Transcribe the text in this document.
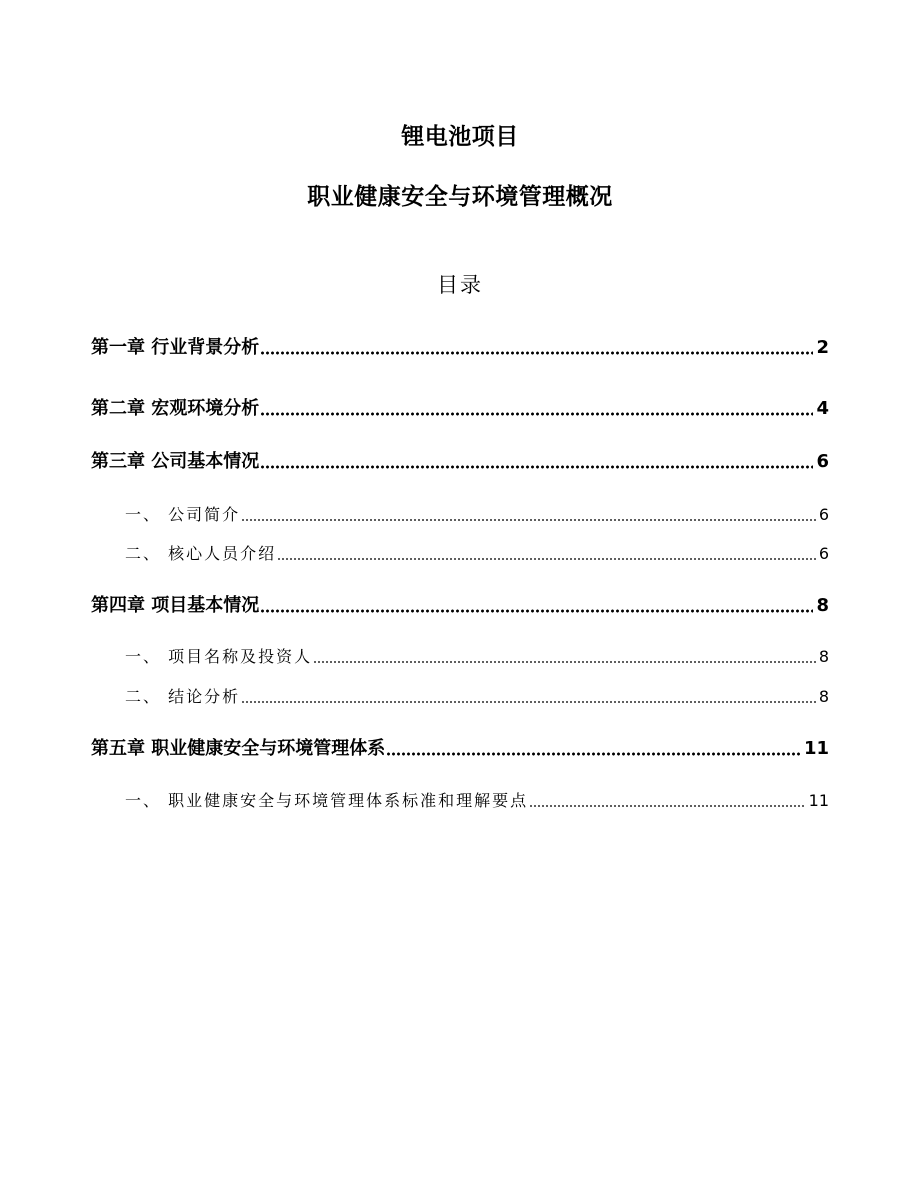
锂电池项目
职业健康安全与环境管理概况
目录
第一章 行业背景分析	2
第二章 宏观环境分析	4
第三章 公司基本情况	6
一、 公司简介	6
二、 核心人员介绍	6
第四章 项目基本情况	8
一、 项目名称及投资人	8
二、 结论分析	8
第五章 职业健康安全与环境管理体系	11
一、 职业健康安全与环境管理体系标准和理解要点	11
